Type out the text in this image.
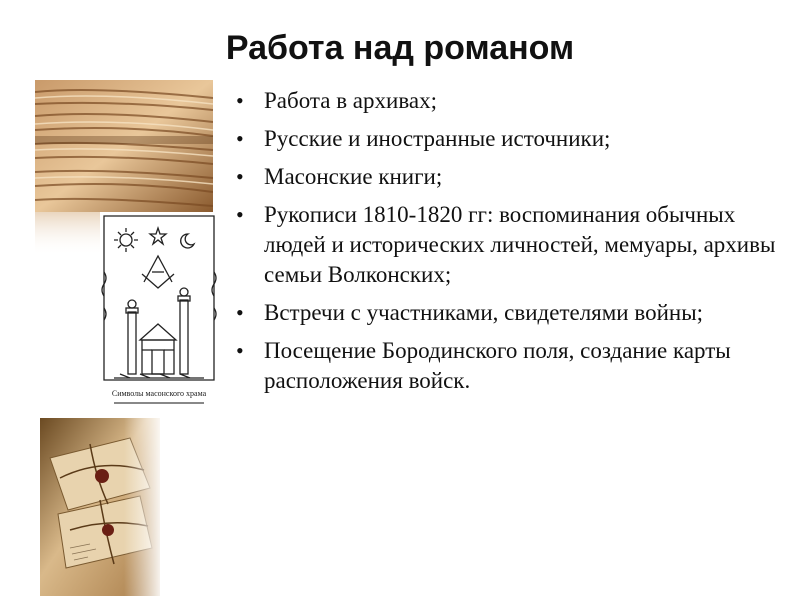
Работа над романом
Символы масонского храма
• Работа в архивах;
• Русские и иностранные источники;
• Масонские книги;
• Рукописи 1810-1820 гг: воспоминания обычных людей и исторических личностей, мемуары, архивы семьи Волконских;
• Встречи с участниками, свидетелями войны;
• Посещение Бородинского поля, создание карты расположения войск.
